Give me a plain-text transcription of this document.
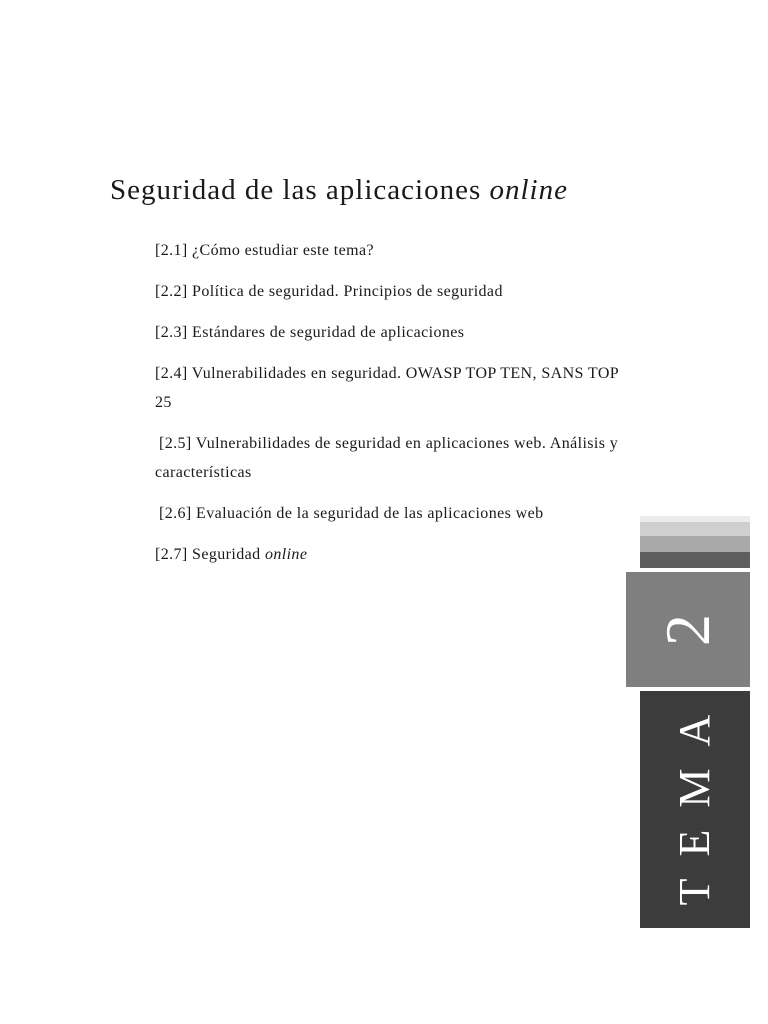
Seguridad de las aplicaciones online
[2.1] ¿Cómo estudiar este tema?
[2.2] Política de seguridad. Principios de seguridad
[2.3] Estándares de seguridad de aplicaciones
[2.4] Vulnerabilidades en seguridad. OWASP TOP TEN, SANS TOP
25
[2.5] Vulnerabilidades de seguridad en aplicaciones web. Análisis y
características
[2.6] Evaluación de la seguridad de las aplicaciones web
[2.7] Seguridad online
2
TEMA
